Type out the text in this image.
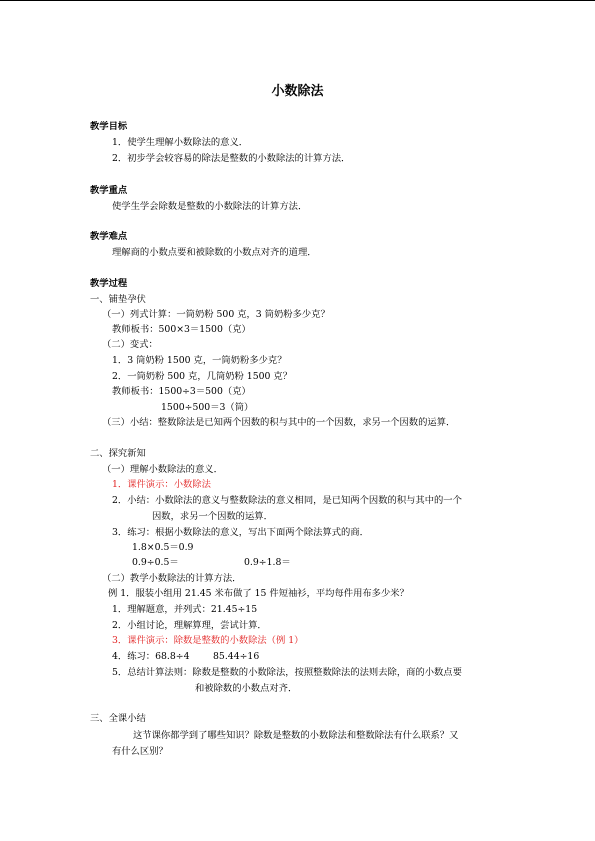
小数除法
教学目标
1．使学生理解小数除法的意义．
2．初步学会较容易的除法是整数的小数除法的计算方法．
教学重点
使学生学会除数是整数的小数除法的计算方法．
教学难点
理解商的小数点要和被除数的小数点对齐的道理．
教学过程
一、铺垫孕伏
（一）列式计算：一筒奶粉 500 克，3 筒奶粉多少克？
教师板书：500×3＝1500（克）
（二）变式：
1．3 筒奶粉 1500 克，一筒奶粉多少克？
2．一筒奶粉 500 克，几筒奶粉 1500 克？
教师板书：1500÷3＝500（克）
1500÷500＝3（筒）
（三）小结：整数除法是已知两个因数的积与其中的一个因数，求另一个因数的运算．
二、探究新知
（一）理解小数除法的意义．
1．课件演示：小数除法
2．小结：小数除法的意义与整数除法的意义相同，是已知两个因数的积与其中的一个
因数，求另一个因数的运算．
3．练习：根据小数除法的意义，写出下面两个除法算式的商．
1.8×0.5＝0.9
0.9÷0.5＝	0.9÷1.8＝
（二）教学小数除法的计算方法．
例 1．服装小组用 21.45 米布做了 15 件短袖衫，平均每件用布多少米？
1．理解题意，并列式：21.45÷15
2．小组讨论，理解算理，尝试计算．
3．课件演示：除数是整数的小数除法（例 1）
4．练习：68.8÷4	85.44÷16
5．总结计算法则：除数是整数的小数除法，按照整数除法的法则去除，商的小数点要
和被除数的小数点对齐．
三、全课小结
这节课你都学到了哪些知识？除数是整数的小数除法和整数除法有什么联系？又
有什么区别？
